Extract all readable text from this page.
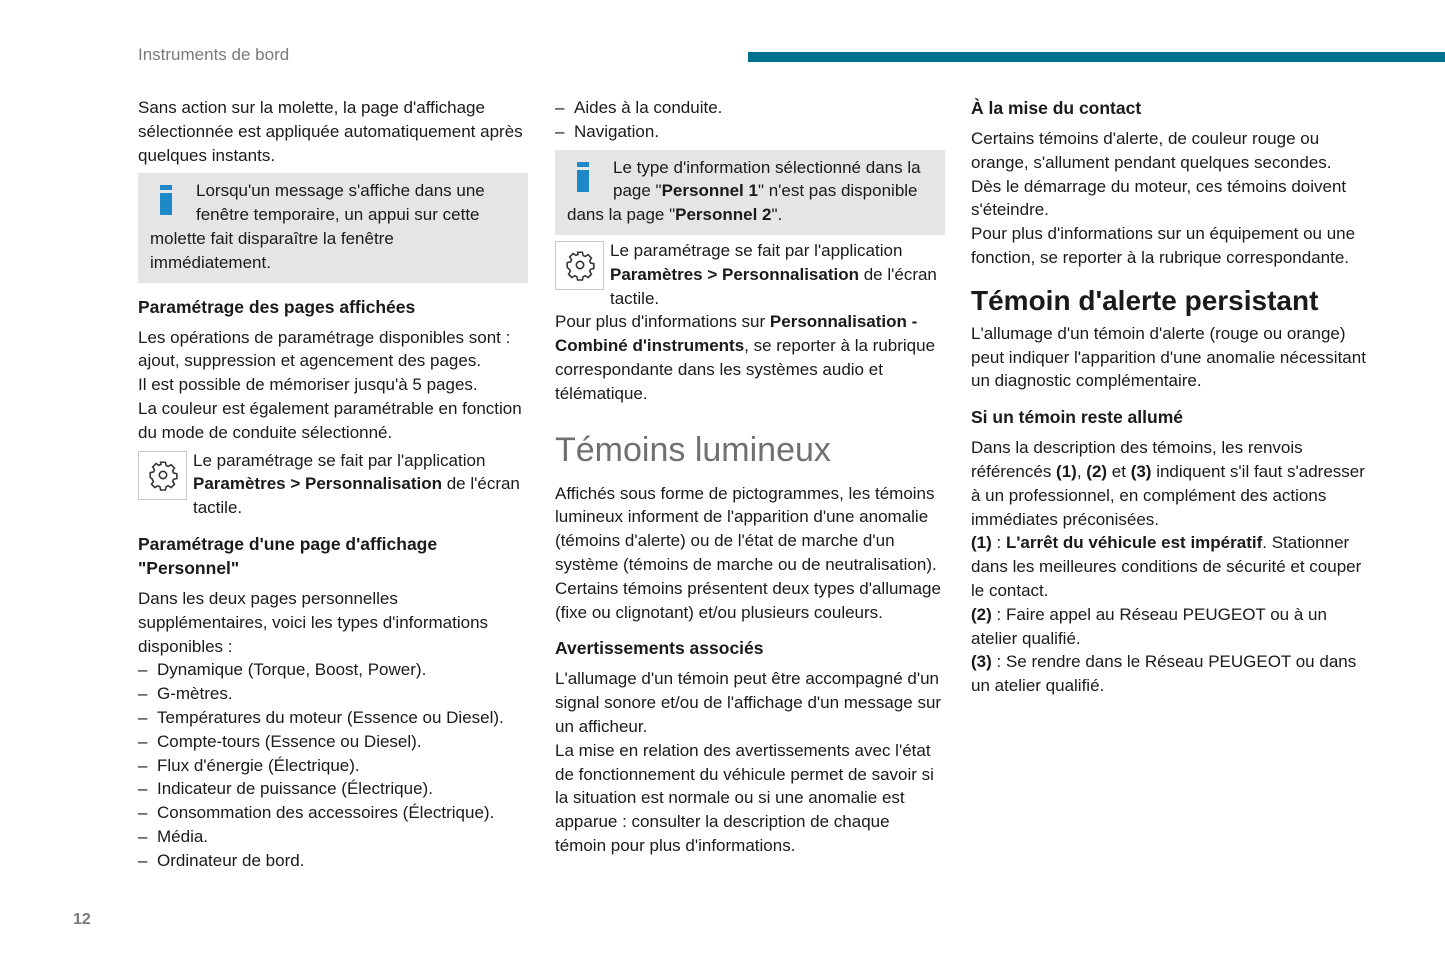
Instruments de bord

Sans action sur la molette, la page d'affichage sélectionnée est appliquée automatiquement après quelques instants.

Lorsqu'un message s'affiche dans une fenêtre temporaire, un appui sur cette molette fait disparaître la fenêtre immédiatement.
Paramétrage des pages affichées

Les opérations de paramétrage disponibles sont : ajout, suppression et agencement des pages.

Il est possible de mémoriser jusqu'à 5 pages.

La couleur est également paramétrable en fonction du mode de conduite sélectionné.

Le paramétrage se fait par l'application Paramètres > Personnalisation de l'écran tactile.
Paramétrage d'une page d'affichage "Personnel"

Dans les deux pages personnelles supplémentaires, voici les types d'informations disponibles :

– Dynamique (Torque, Boost, Power).
– G-mètres.
– Températures du moteur (Essence ou Diesel).
– Compte-tours (Essence ou Diesel).
– Flux d'énergie (Électrique).
– Indicateur de puissance (Électrique).
– Consommation des accessoires (Électrique).
– Média.
– Ordinateur de bord.
– Aides à la conduite.
– Navigation.
Le type d'information sélectionné dans la page "Personnel 1" n'est pas disponible dans la page "Personnel 2".
Le paramétrage se fait par l'application Paramètres > Personnalisation de l'écran tactile.

Pour plus d'informations sur Personnalisation - Combiné d'instruments, se reporter à la rubrique correspondante dans les systèmes audio et télématique.

Témoins lumineux

Affichés sous forme de pictogrammes, les témoins lumineux informent de l'apparition d'une anomalie (témoins d'alerte) ou de l'état de marche d'un système (témoins de marche ou de neutralisation). Certains témoins présentent deux types d'allumage (fixe ou clignotant) et/ou plusieurs couleurs.

Avertissements associés

L'allumage d'un témoin peut être accompagné d'un signal sonore et/ou de l'affichage d'un message sur un afficheur.

La mise en relation des avertissements avec l'état de fonctionnement du véhicule permet de savoir si la situation est normale ou si une anomalie est apparue : consulter la description de chaque témoin pour plus d'informations.

À la mise du contact

Certains témoins d'alerte, de couleur rouge ou orange, s'allument pendant quelques secondes.

Dès le démarrage du moteur, ces témoins doivent s'éteindre.

Pour plus d'informations sur un équipement ou une fonction, se reporter à la rubrique correspondante.

Témoin d'alerte persistant

L'allumage d'un témoin d'alerte (rouge ou orange) peut indiquer l'apparition d'une anomalie nécessitant un diagnostic complémentaire.

Si un témoin reste allumé

Dans la description des témoins, les renvois référencés (1), (2) et (3) indiquent s'il faut s'adresser à un professionnel, en complément des actions immédiates préconisées.

(1) : L'arrêt du véhicule est impératif. Stationner dans les meilleures conditions de sécurité et couper le contact.

(2) : Faire appel au Réseau PEUGEOT ou à un atelier qualifié.

(3) : Se rendre dans le Réseau PEUGEOT ou dans un atelier qualifié.

12
